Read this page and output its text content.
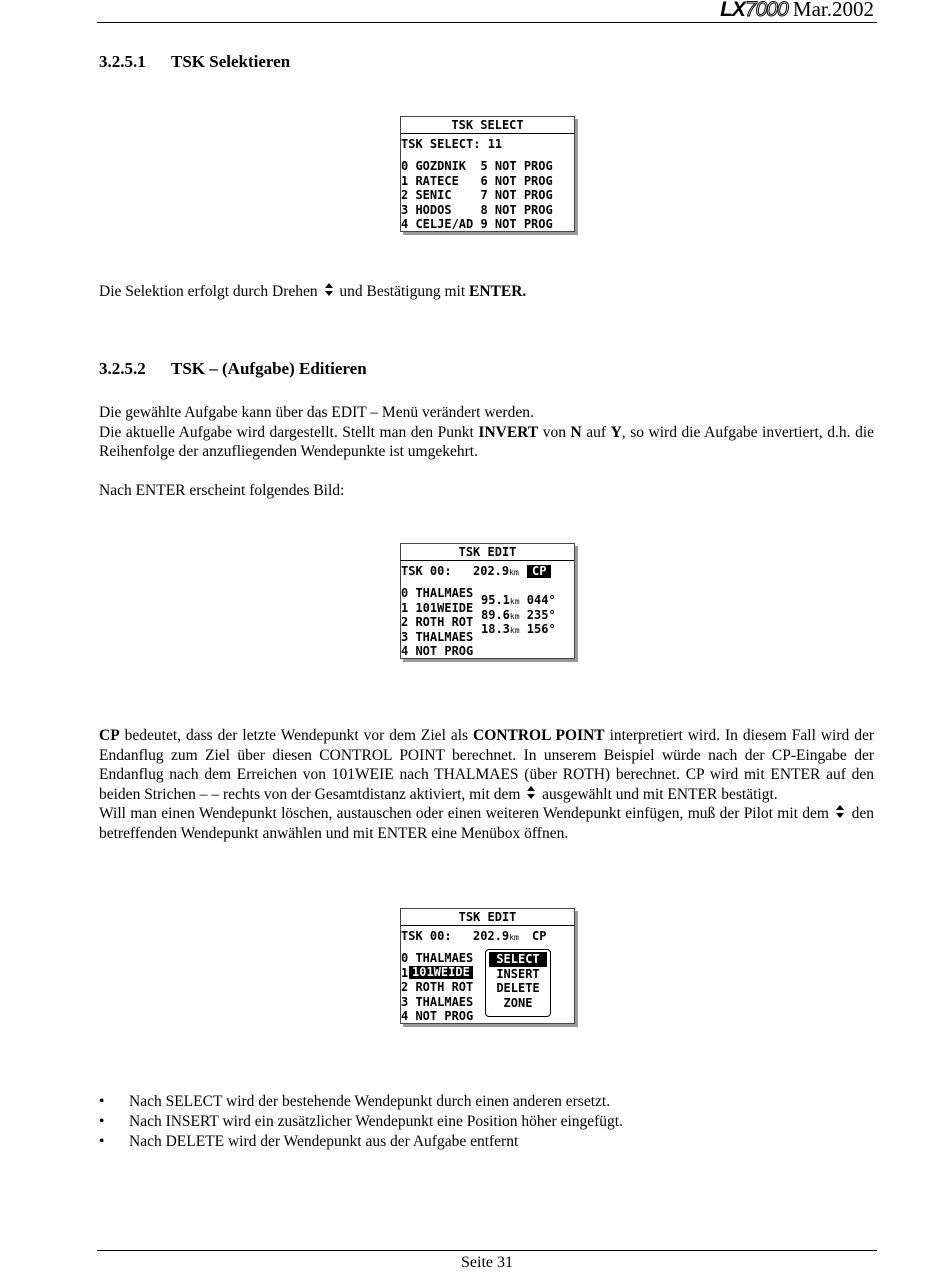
LX7000 Mar.2002
3.2.5.1 TSK Selektieren
TSK SELECT
TSK SELECT: 11
0 GOZDNIK  5 NOT PROG
1 RATECE   6 NOT PROG
2 SENIC    7 NOT PROG
3 HODOS    8 NOT PROG
4 CELJE/AD 9 NOT PROG

Die Selektion erfolgt durch Drehen und Bestätigung mit ENTER.

3.2.5.2 TSK – (Aufgabe) Editieren

Die gewählte Aufgabe kann über das EDIT – Menü verändert werden.
Die aktuelle Aufgabe wird dargestellt. Stellt man den Punkt INVERT von N auf Y, so wird die Aufgabe invertiert, d.h. die Reihenfolge der anzufliegenden Wendepunkte ist umgekehrt.

Nach ENTER erscheint folgendes Bild:

TSK EDIT
TSK 00: 202.9km	CP
0 THALMAES
1 101WEIDE
2 ROTH ROT
3 THALMAES
4 NOT PROG
95.1km 044°
89.6km 235°
18.3km 156°

CP bedeutet, dass der letzte Wendepunkt vor dem Ziel als CONTROL POINT interpretiert wird. In diesem Fall wird der Endanflug zum Ziel über diesen CONTROL POINT berechnet. In unserem Beispiel würde nach der CP-Eingabe der Endanflug nach dem Erreichen von 101WEIE nach THALMAES (über ROTH) berechnet. CP wird mit ENTER auf den beiden Strichen – – rechts von der Gesamtdistanz aktiviert, mit dem ausgewählt und mit ENTER bestätigt.
Will man einen Wendepunkt löschen, austauschen oder einen weiteren Wendepunkt einfügen, muß der Pilot mit dem den betreffenden Wendepunkt anwählen und mit ENTER eine Menübox öffnen.

TSK EDIT
TSK 00: 202.9km CP
0 THALMAES
1 101WEIDE
2 ROTH ROT
3 THALMAES
4 NOT PROG
SELECT
INSERT
DELETE
ZONE
• Nach SELECT wird der bestehende Wendepunkt durch einen anderen ersetzt.
• Nach INSERT wird ein zusätzlicher Wendepunkt eine Position höher eingefügt.
• Nach DELETE wird der Wendepunkt aus der Aufgabe entfernt
Seite 31
